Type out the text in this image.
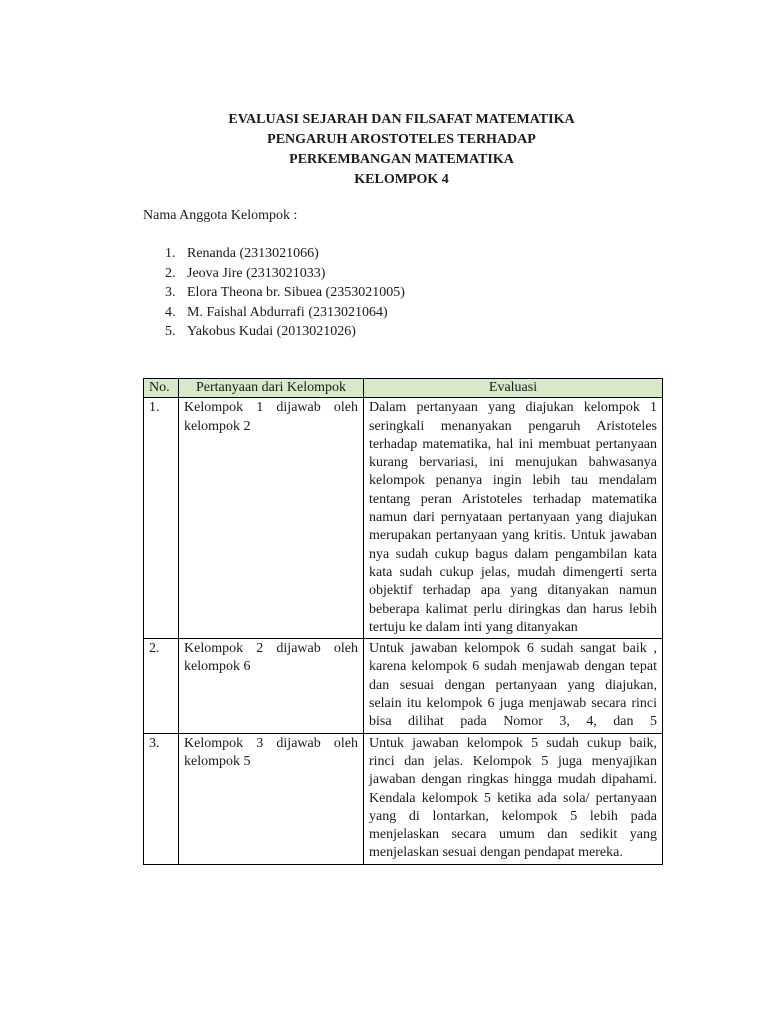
EVALUASI SEJARAH DAN FILSAFAT MATEMATIKA
PENGARUH AROSTOTELES TERHADAP
PERKEMBANGAN MATEMATIKA
KELOMPOK 4
Nama Anggota Kelompok :
1. Renanda (2313021066)
2. Jeova Jire (2313021033)
3. Elora Theona br. Sibuea (2353021005)
4. M. Faishal Abdurrafi (2313021064)
5. Yakobus Kudai (2013021026)
No.	Pertanyaan dari Kelompok	Evaluasi
1.	Kelompok 1 dijawab oleh kelompok 2	Dalam pertanyaan yang diajukan kelompok 1 seringkali menanyakan pengaruh Aristoteles terhadap matematika, hal ini membuat pertanyaan kurang bervariasi, ini menujukan bahwasanya kelompok penanya ingin lebih tau mendalam tentang peran Aristoteles terhadap matematika namun dari pernyataan pertanyaan yang diajukan merupakan pertanyaan yang kritis. Untuk jawaban nya sudah cukup bagus dalam pengambilan kata kata sudah cukup jelas, mudah dimengerti serta objektif terhadap apa yang ditanyakan namun beberapa kalimat perlu diringkas dan harus lebih tertuju ke dalam inti yang ditanyakan
2.	Kelompok 2 dijawab oleh kelompok 6	Untuk jawaban kelompok 6 sudah sangat baik , karena kelompok 6 sudah menjawab dengan tepat dan sesuai dengan pertanyaan yang diajukan, selain itu kelompok 6 juga menjawab secara rinci bisa dilihat pada Nomor 3, 4, dan 5
3.	Kelompok 3 dijawab oleh kelompok 5	Untuk jawaban kelompok 5 sudah cukup baik, rinci dan jelas. Kelompok 5 juga menyajikan jawaban dengan ringkas hingga mudah dipahami. Kendala kelompok 5 ketika ada sola/ pertanyaan yang di lontarkan, kelompok 5 lebih pada menjelaskan secara umum dan sedikit yang menjelaskan sesuai dengan pendapat mereka.
